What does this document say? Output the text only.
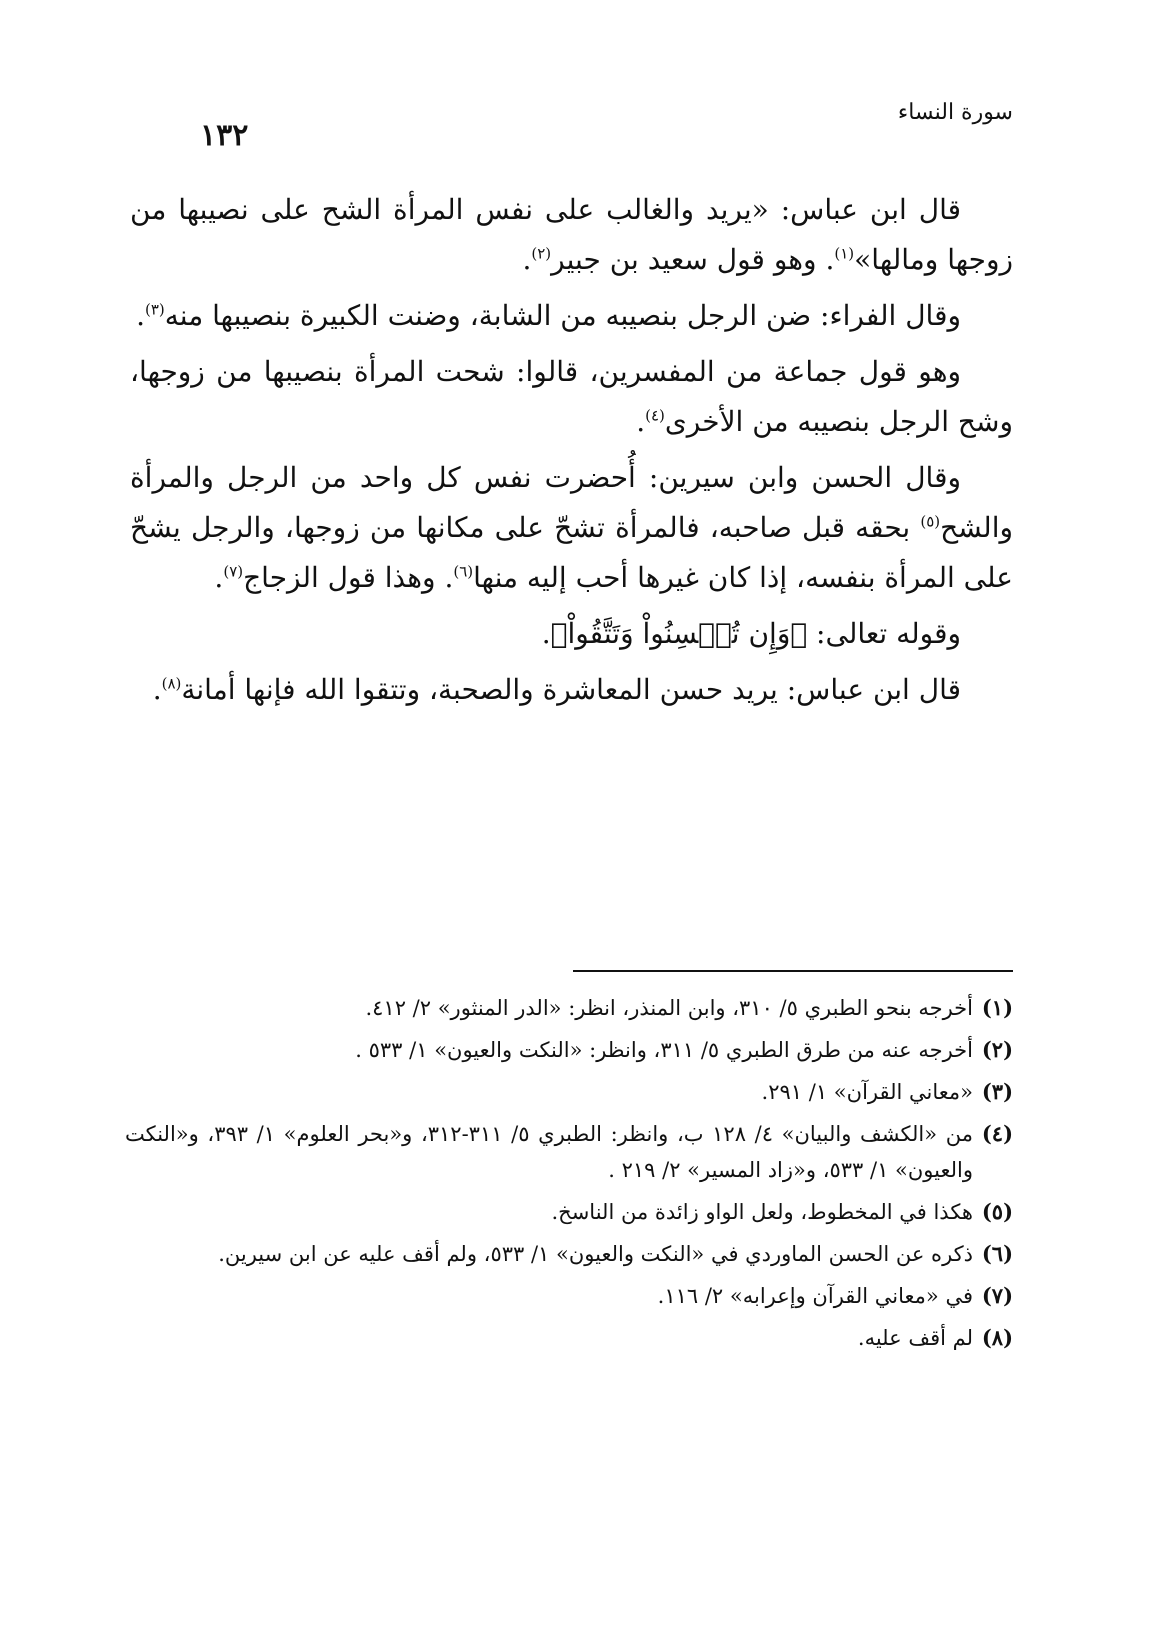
سورة النساء
١٣٢

قال ابن عباس: «يريد والغالب على نفس المرأة الشح على نصيبها من زوجها ومالها»$^{(١)}$. وهو قول سعيد بن جبير$^{(٢)}$.

وقال الفراء: ضن الرجل بنصيبه من الشابة، وضنت الكبيرة بنصيبها منه$^{(٣)}$.

وهو قول جماعة من المفسرين، قالوا: شحت المرأة بنصيبها من زوجها، وشح الرجل بنصيبه من الأخرى$^{(٤)}$.

وقال الحسن وابن سيرين: أُحضرت نفس كل واحد من الرجل والمرأة والشح$^{(٥)}$ بحقه قبل صاحبه، فالمرأة تشحّ على مكانها من زوجها، والرجل يشحّ على المرأة بنفسه، إذا كان غيرها أحب إليه منها$^{(٦)}$. وهذا قول الزجاج$^{(٧)}$.

وقوله تعالى: ﴿وَإِن تُحۡسِنُواْ وَتَتَّقُواْ﴾.

قال ابن عباس: يريد حسن المعاشرة والصحبة، وتتقوا الله فإنها أمانة$^{(٨)}$.

(١)
أخرجه بنحو الطبري ٥/ ٣١٠، وابن المنذر، انظر: «الدر المنثور» ٢/ ٤١٢.
(٢)
أخرجه عنه من طرق الطبري ٥/ ٣١١، وانظر: «النكت والعيون» ١/ ٥٣٣ .
(٣)
«معاني القرآن» ١/ ٢٩١.
(٤)
من «الكشف والبيان» ٤/ ١٢٨ ب، وانظر: الطبري ٥/ ٣١١-٣١٢، و«بحر العلوم» ١/ ٣٩٣، و«النكت والعيون» ١/ ٥٣٣، و«زاد المسير» ٢/ ٢١٩ .
(٥)
هكذا في المخطوط، ولعل الواو زائدة من الناسخ.
(٦)
ذكره عن الحسن الماوردي في «النكت والعيون» ١/ ٥٣٣، ولم أقف عليه عن ابن سيرين.
(٧)
في «معاني القرآن وإعرابه» ٢/ ١١٦.
(٨)
لم أقف عليه.
